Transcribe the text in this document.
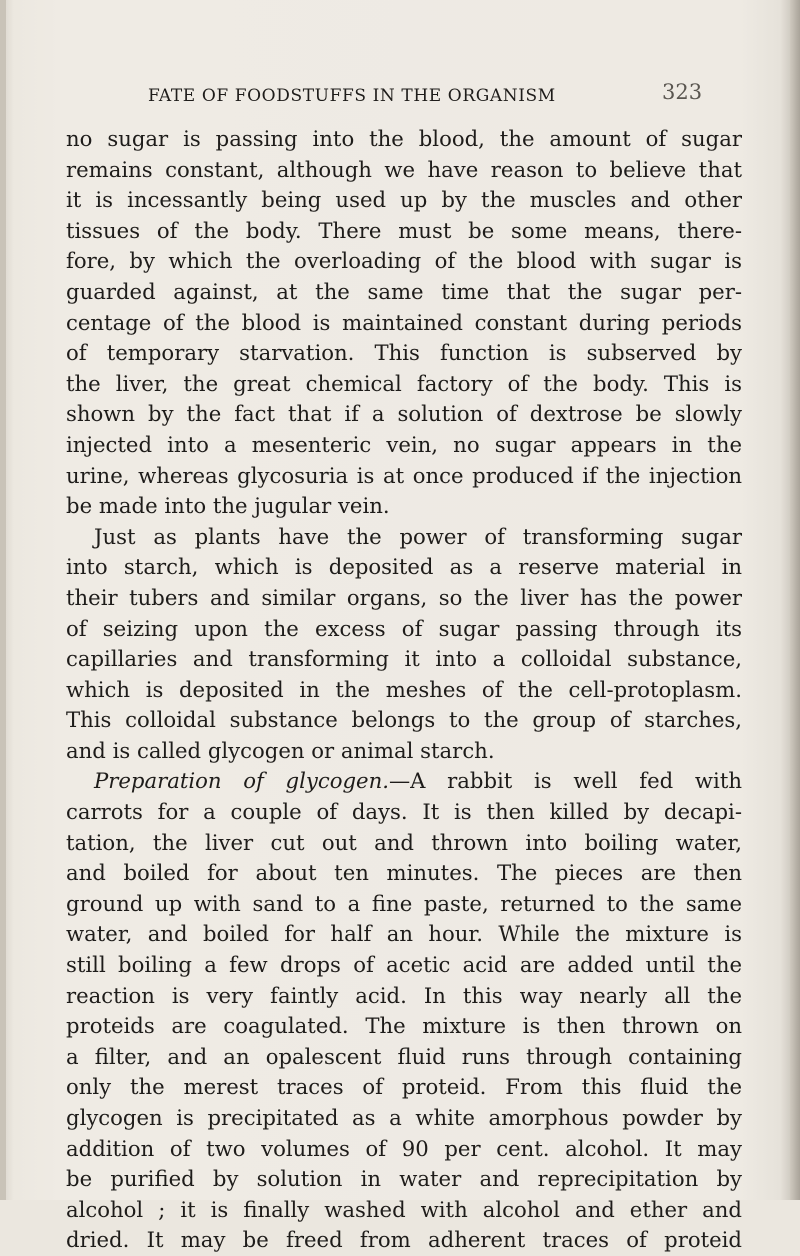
FATE OF FOODSTUFFS IN THE ORGANISM	323
no sugar is passing into the blood, the amount of sugar
remains constant, although we have reason to believe that
it is incessantly being used up by the muscles and other
tissues of the body. There must be some means, there-
fore, by which the overloading of the blood with sugar is
guarded against, at the same time that the sugar per-
centage of the blood is maintained constant during periods
of temporary starvation. This function is subserved by
the liver, the great chemical factory of the body. This is
shown by the fact that if a solution of dextrose be slowly
injected into a mesenteric vein, no sugar appears in the
urine, whereas glycosuria is at once produced if the injection
be made into the jugular vein.
Just as plants have the power of transforming sugar
into starch, which is deposited as a reserve material in
their tubers and similar organs, so the liver has the power
of seizing upon the excess of sugar passing through its
capillaries and transforming it into a colloidal substance,
which is deposited in the meshes of the cell-protoplasm.
This colloidal substance belongs to the group of starches,
and is called glycogen or animal starch.
Preparation of glycogen.—A rabbit is well fed with
carrots for a couple of days. It is then killed by decapi-
tation, the liver cut out and thrown into boiling water,
and boiled for about ten minutes. The pieces are then
ground up with sand to a fine paste, returned to the same
water, and boiled for half an hour. While the mixture is
still boiling a few drops of acetic acid are added until the
reaction is very faintly acid. In this way nearly all the
proteids are coagulated. The mixture is then thrown on
a filter, and an opalescent fluid runs through containing
only the merest traces of proteid. From this fluid the
glycogen is precipitated as a white amorphous powder by
addition of two volumes of 90 per cent. alcohol. It may
be purified by solution in water and reprecipitation by
alcohol ; it is finally washed with alcohol and ether and
dried. It may be freed from adherent traces of proteid
